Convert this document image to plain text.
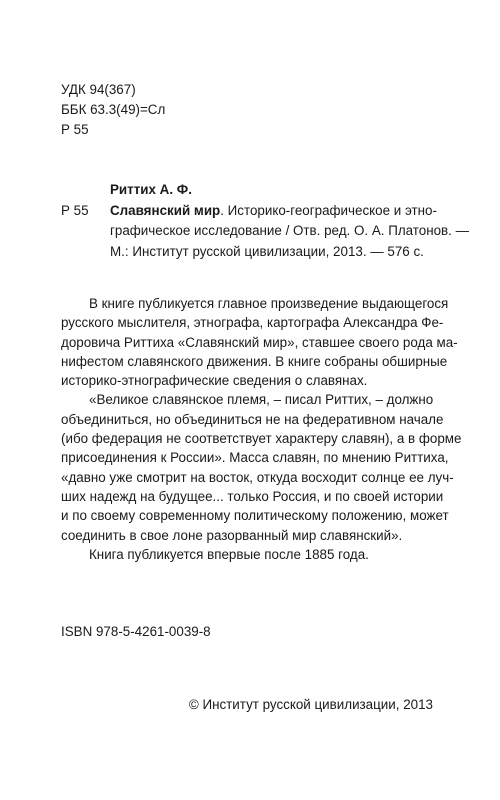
УДК 94(367)
ББК 63.3(49)=Сл
Р 55
Риттих А. Ф.
Р 55 Славянский мир. Историко-географическое и этно-
графическое исследование / Отв. ред. О. А. Платонов. —
М.: Институт русской цивилизации, 2013. — 576 с.
В книге публикуется главное произведение выдающегося
русского мыслителя, этнографа, картографа Александра Фе-
доровича Риттиха «Славянский мир», ставшее своего рода ма-
нифестом славянского движения. В книге собраны обширные
историко-этнографические сведения о славянах.
«Великое славянское племя, – писал Риттих, – должно
объединиться, но объединиться не на федеративном начале
(ибо федерация не соответствует характеру славян), а в форме
присоединения к России». Масса славян, по мнению Риттиха,
«давно уже смотрит на восток, откуда восходит солнце ее луч-
ших надежд на будущее... только Россия, и по своей истории
и по своему современному политическому положению, может
соединить в свое лоне разорванный мир славянский».
Книга публикуется впервые после 1885 года.
ISBN 978-5-4261-0039-8
© Институт русской цивилизации, 2013
